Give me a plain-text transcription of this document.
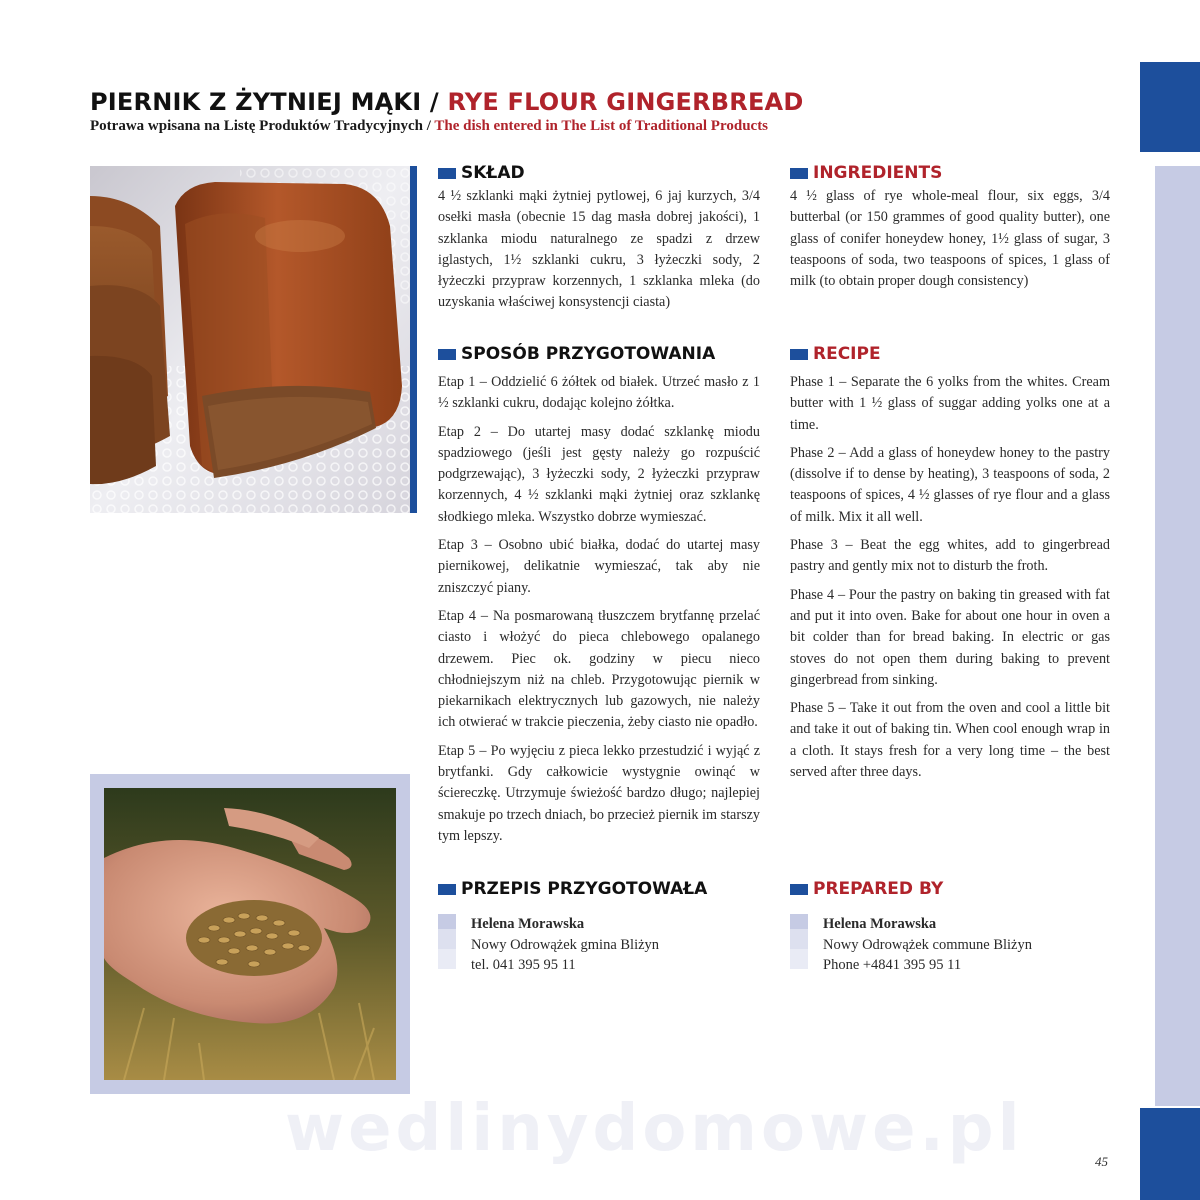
PIERNIK Z ŻYTNIEJ MĄKI / RYE FLOUR GINGERBREAD
Potrawa wpisana na Listę Produktów Tradycyjnych / The dish entered in The List of Traditional Products
SKŁAD
4 ½ szklanki mąki żytniej pytlowej, 6 jaj kurzych, 3/4 osełki masła (obecnie 15 dag masła dobrej jakości), 1 szklanka miodu naturalnego ze spadzi z drzew iglastych, 1½ szklanki cukru, 3 łyżeczki sody, 2 łyżeczki przypraw korzennych, 1 szklanka mleka (do uzyskania właściwej konsystencji ciasta)
INGREDIENTS
4 ½ glass of rye whole-meal flour, six eggs, 3/4 butterbal (or 150 grammes of good quality butter), one glass of conifer honeydew honey, 1½ glass of sugar, 3 teaspoons of soda, two teaspoons of spices, 1 glass of milk (to obtain proper dough consistency)
SPOSÓB PRZYGOTOWANIA

Etap 1 – Oddzielić 6 żółtek od białek. Utrzeć masło z 1 ½ szklanki cukru, dodając kolejno żółtka.

Etap 2 – Do utartej masy dodać szklankę miodu spadziowego (jeśli jest gęsty należy go rozpuścić podgrzewając), 3 łyżeczki sody, 2 łyżeczki przypraw korzennych, 4 ½ szklanki mąki żytniej oraz szklankę słodkiego mleka. Wszystko dobrze wymieszać.

Etap 3 – Osobno ubić białka, dodać do utartej masy piernikowej, delikatnie wymieszać, tak aby nie zniszczyć piany.

Etap 4 – Na posmarowaną tłuszczem brytfannę przelać ciasto i włożyć do pieca chlebowego opalanego drzewem. Piec ok. godziny w piecu nieco chłodniejszym niż na chleb. Przygotowując piernik w piekarnikach elektrycznych lub gazowych, nie należy ich otwierać w trakcie pieczenia, żeby ciasto nie opadło.

Etap 5 – Po wyjęciu z pieca lekko przestudzić i wyjąć z brytfanki. Gdy całkowicie wystygnie owinąć w ściereczkę. Utrzymuje świeżość bardzo długo; najlepiej smakuje po trzech dniach, bo przecież piernik im starszy tym lepszy.

RECIPE

Phase 1 – Separate the 6 yolks from the whites. Cream butter with 1 ½ glass of suggar adding yolks one at a time.

Phase 2 – Add a glass of honeydew honey to the pastry (dissolve if to dense by heating), 3 teaspoons of soda, 2 teaspoons of spices, 4 ½ glasses of rye flour and a glass of milk. Mix it all well.

Phase 3 – Beat the egg whites, add to gingerbread pastry and gently mix not to disturb the froth.

Phase 4 – Pour the pastry on baking tin greased with fat and put it into oven. Bake for about one hour in oven a bit colder than for bread baking. In electric or gas stoves do not open them during baking to prevent gingerbread from sinking.

Phase 5 – Take it out from the oven and cool a little bit and take it out of baking tin. When cool enough wrap in a cloth. It stays fresh for a very long time – the best served after three days.

PRZEPIS PRZYGOTOWAŁA
Helena Morawska
Nowy Odrowążek gmina Bliżyn
tel. 041 395 95 11
PREPARED BY
Helena Morawska
Nowy Odrowążek commune Bliżyn
Phone +4841 395 95 11
wedlinydomowe.pl	45
